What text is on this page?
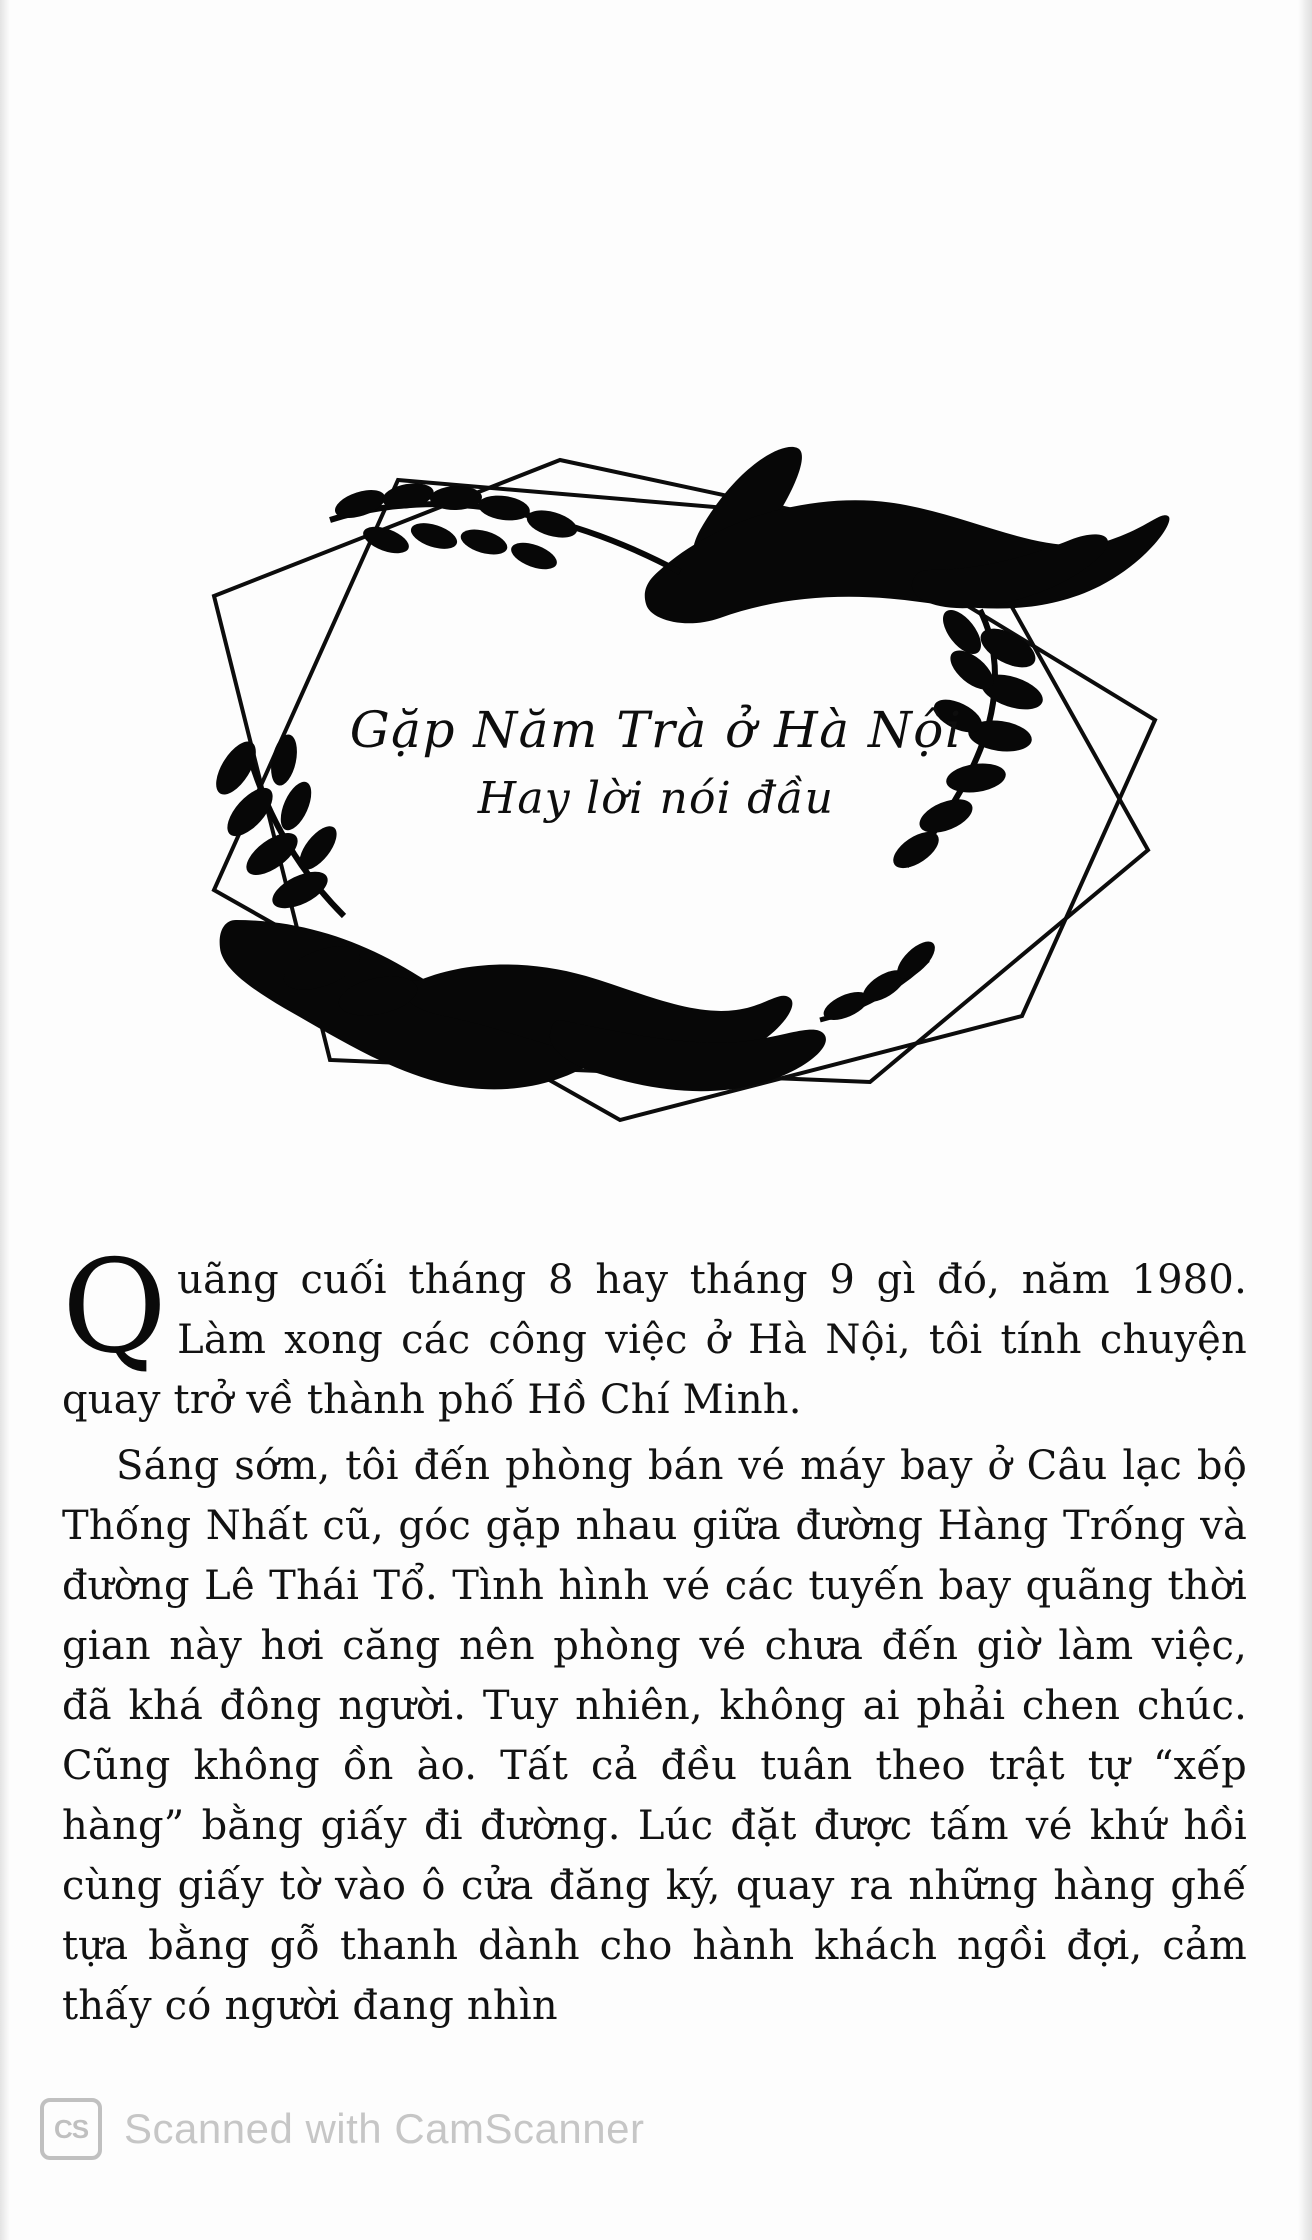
Gặp Năm Trà ở Hà Nội
Hay lời nói đầu

Quãng cuối tháng 8 hay tháng 9 gì đó, năm 1980. Làm xong các công việc ở Hà Nội, tôi tính chuyện quay trở về thành phố Hồ Chí Minh.

Sáng sớm, tôi đến phòng bán vé máy bay ở Câu lạc bộ Thống Nhất cũ, góc gặp nhau giữa đường Hàng Trống và đường Lê Thái Tổ. Tình hình vé các tuyến bay quãng thời gian này hơi căng nên phòng vé chưa đến giờ làm việc, đã khá đông người. Tuy nhiên, không ai phải chen chúc. Cũng không ồn ào. Tất cả đều tuân theo trật tự “xếp hàng” bằng giấy đi đường. Lúc đặt được tấm vé khứ hồi cùng giấy tờ vào ô cửa đăng ký, quay ra những hàng ghế tựa bằng gỗ thanh dành cho hành khách ngồi đợi, cảm thấy có người đang nhìn

CS Scanned with CamScanner
